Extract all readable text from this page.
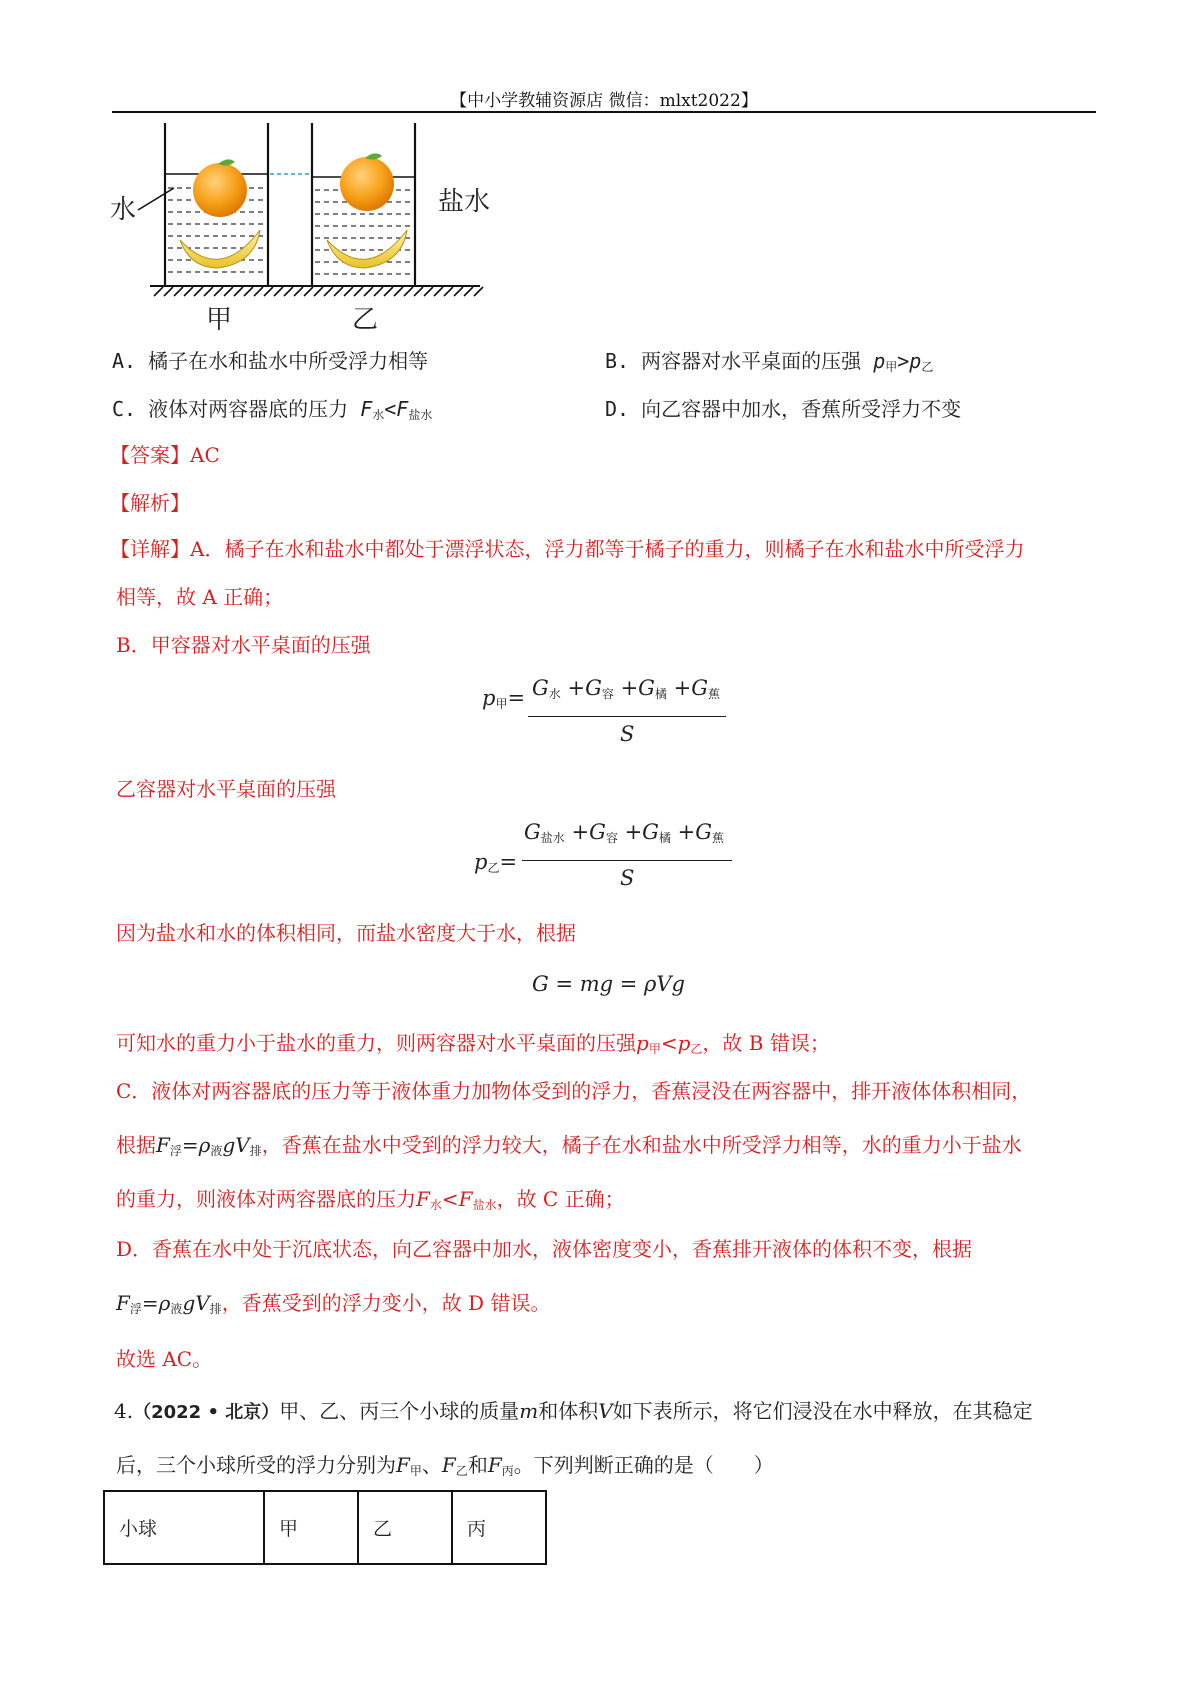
【中小学教辅资源店 微信：mlxt2022】
水	盐水
甲	乙
A. 橘子在水和盐水中所受浮力相等	B. 两容器对水平桌面的压强 $p_甲>p_乙$
C. 液体对两容器底的压力 $F_水<F_{盐水}$	D. 向乙容器中加水，香蕉所受浮力不变
【答案】AC
【解析】
【详解】A．橘子在水和盐水中都处于漂浮状态，浮力都等于橘子的重力，则橘子在水和盐水中所受浮力
相等，故 A 正确；
B．甲容器对水平桌面的压强
$p_甲= G_水 +G_容 +G_橘 +G_蕉$
S
乙容器对水平桌面的压强
$p_乙=$
$G_{盐水} +G_容 +G_橘 +G_蕉$
S
因为盐水和水的体积相同，而盐水密度大于水，根据
G = mg = ρVg
可知水的重力小于盐水的重力，则两容器对水平桌面的压强$p_甲<p_乙$，故 B 错误；
C．液体对两容器底的压力等于液体重力加物体受到的浮力，香蕉浸没在两容器中，排开液体体积相同，
根据$F_浮=\rho_液gV_排$，香蕉在盐水中受到的浮力较大，橘子在水和盐水中所受浮力相等，水的重力小于盐水
的重力，则液体对两容器底的压力$F_水<F_{盐水}$，故 C 正确；
D．香蕉在水中处于沉底状态，向乙容器中加水，液体密度变小，香蕉排开液体的体积不变，根据
$F_浮=\rho_液gV_排$，香蕉受到的浮力变小，故 D 错误。
故选 AC。
4.（2022 • 北京）甲、乙、丙三个小球的质量m和体积V如下表所示，将它们浸没在水中释放，在其稳定
后，三个小球所受的浮力分别为$F_甲$、$F_乙$和$F_丙$。下列判断正确的是（　　）
小球	甲	乙	丙
